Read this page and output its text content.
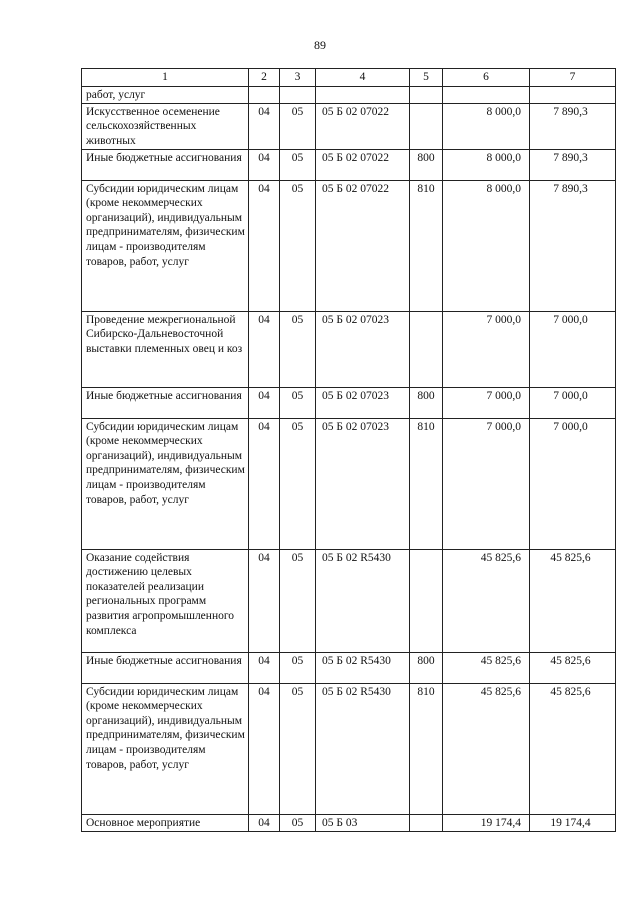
89
1	2	3	4	5	6	7
работ, услуг						
Искусственное осеменение сельскохозяйственных животных	04	05	05 Б 02 07022		8 000,0	7 890,3
Иные бюджетные ассигнования	04	05	05 Б 02 07022	800	8 000,0	7 890,3
Субсидии юридическим лицам (кроме некоммерческих организаций), индивидуальным предпринимателям, физическим лицам - производителям товаров, работ, услуг	04	05	05 Б 02 07022	810	8 000,0	7 890,3
Проведение межрегиональной Сибирско-Дальневосточной выставки племенных овец и коз	04	05	05 Б 02 07023		7 000,0	7 000,0
Иные бюджетные ассигнования	04	05	05 Б 02 07023	800	7 000,0	7 000,0
Субсидии юридическим лицам (кроме некоммерческих организаций), индивидуальным предпринимателям, физическим лицам - производителям товаров, работ, услуг	04	05	05 Б 02 07023	810	7 000,0	7 000,0
Оказание содействия достижению целевых показателей реализации региональных программ развития агропромышленного комплекса	04	05	05 Б 02 R5430		45 825,6	45 825,6
Иные бюджетные ассигнования	04	05	05 Б 02 R5430	800	45 825,6	45 825,6
Субсидии юридическим лицам (кроме некоммерческих организаций), индивидуальным предпринимателям, физическим лицам - производителям товаров, работ, услуг	04	05	05 Б 02 R5430	810	45 825,6	45 825,6
Основное мероприятие	04	05	05 Б 03		19 174,4	19 174,4
